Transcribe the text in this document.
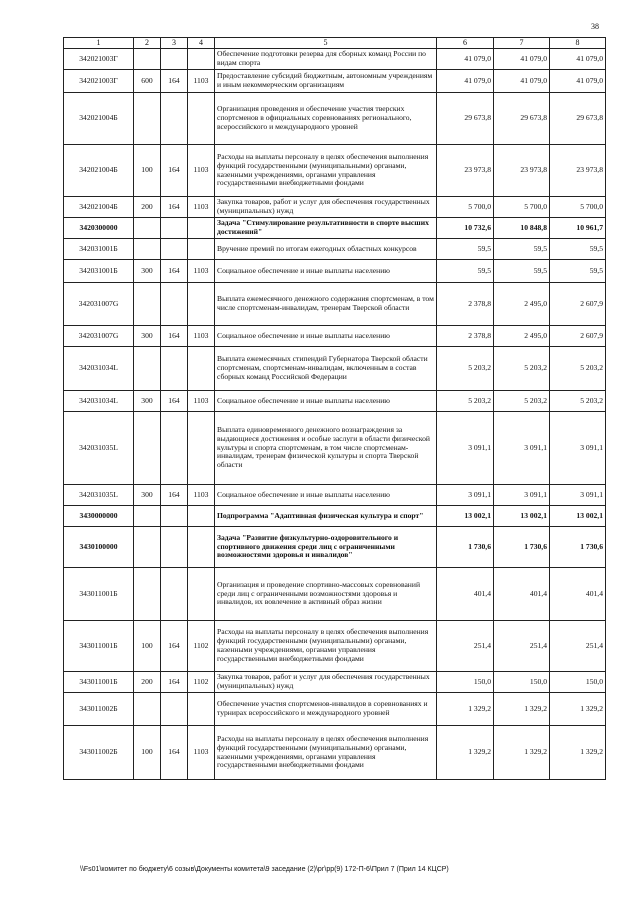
38
1	2	3	4	5	6	7	8
342021003Г				Обеспечение подготовки резерва для сборных команд России по видам спорта	41 079,0	41 079,0	41 079,0
342021003Г	600	164	1103	Предоставление субсидий бюджетным, автономным учреждениям и иным некоммерческим организациям	41 079,0	41 079,0	41 079,0
342021004Б				Организация проведения и обеспечение участия тверских спортсменов в официальных соревнованиях регионального, всероссийского и международного уровней	29 673,8	29 673,8	29 673,8
342021004Б	100	164	1103	Расходы на выплаты персоналу в целях обеспечения выполнения функций государственными (муниципальными) органами, казенными учреждениями, органами управления государственными внебюджетными фондами	23 973,8	23 973,8	23 973,8
342021004Б	200	164	1103	Закупка товаров, работ и услуг для обеспечения государственных (муниципальных) нужд	5 700,0	5 700,0	5 700,0
3420300000				Задача "Стимулирование результативности в спорте высших достижений"	10 732,6	10 848,8	10 961,7
342031001Б				Вручение премий по итогам ежегодных областных конкурсов	59,5	59,5	59,5
342031001Б	300	164	1103	Социальное обеспечение и иные выплаты населению	59,5	59,5	59,5
342031007G				Выплата ежемесячного денежного содержания спортсменам, в том числе спортсменам-инвалидам, тренерам Тверской области	2 378,8	2 495,0	2 607,9
342031007G	300	164	1103	Социальное обеспечение и иные выплаты населению	2 378,8	2 495,0	2 607,9
342031034L				Выплата ежемесячных стипендий Губернатора Тверской области спортсменам, спортсменам-инвалидам, включенным в состав сборных команд Российской Федерации	5 203,2	5 203,2	5 203,2
342031034L	300	164	1103	Социальное обеспечение и иные выплаты населению	5 203,2	5 203,2	5 203,2
342031035L				Выплата единовременного денежного вознаграждения за выдающиеся достижения и особые заслуги в области физической культуры и спорта спортсменам, в том числе спортсменам-инвалидам, тренерам физической культуры и спорта Тверской области	3 091,1	3 091,1	3 091,1
342031035L	300	164	1103	Социальное обеспечение и иные выплаты населению	3 091,1	3 091,1	3 091,1
3430000000				Подпрограмма "Адаптивная физическая культура и спорт"	13 002,1	13 002,1	13 002,1
3430100000				Задача "Развитие физкультурно-оздоровительного и спортивного движения среди лиц с ограниченными возможностями здоровья и инвалидов"	1 730,6	1 730,6	1 730,6
343011001Б				Организация и проведение спортивно-массовых соревнований среди лиц с ограниченными возможностями здоровья и инвалидов, их вовлечение в активный образ жизни	401,4	401,4	401,4
343011001Б	100	164	1102	Расходы на выплаты персоналу в целях обеспечения выполнения функций государственными (муниципальными) органами, казенными учреждениями, органами управления государственными внебюджетными фондами	251,4	251,4	251,4
343011001Б	200	164	1102	Закупка товаров, работ и услуг для обеспечения государственных (муниципальных) нужд	150,0	150,0	150,0
343011002Б				Обеспечение участия спортсменов-инвалидов в соревнованиях и турнирах всероссийского и международного уровней	1 329,2	1 329,2	1 329,2
343011002Б	100	164	1103	Расходы на выплаты персоналу в целях обеспечения выполнения функций государственными (муниципальными) органами, казенными учреждениями, органами управления государственными внебюджетными фондами	1 329,2	1 329,2	1 329,2
\\Fs01\комитет по бюджету\6 созыв\Документы комитета\9 заседание (2)\рг\рр(9) 172-П-6\Прил 7 (Прил 14 КЦСР)
